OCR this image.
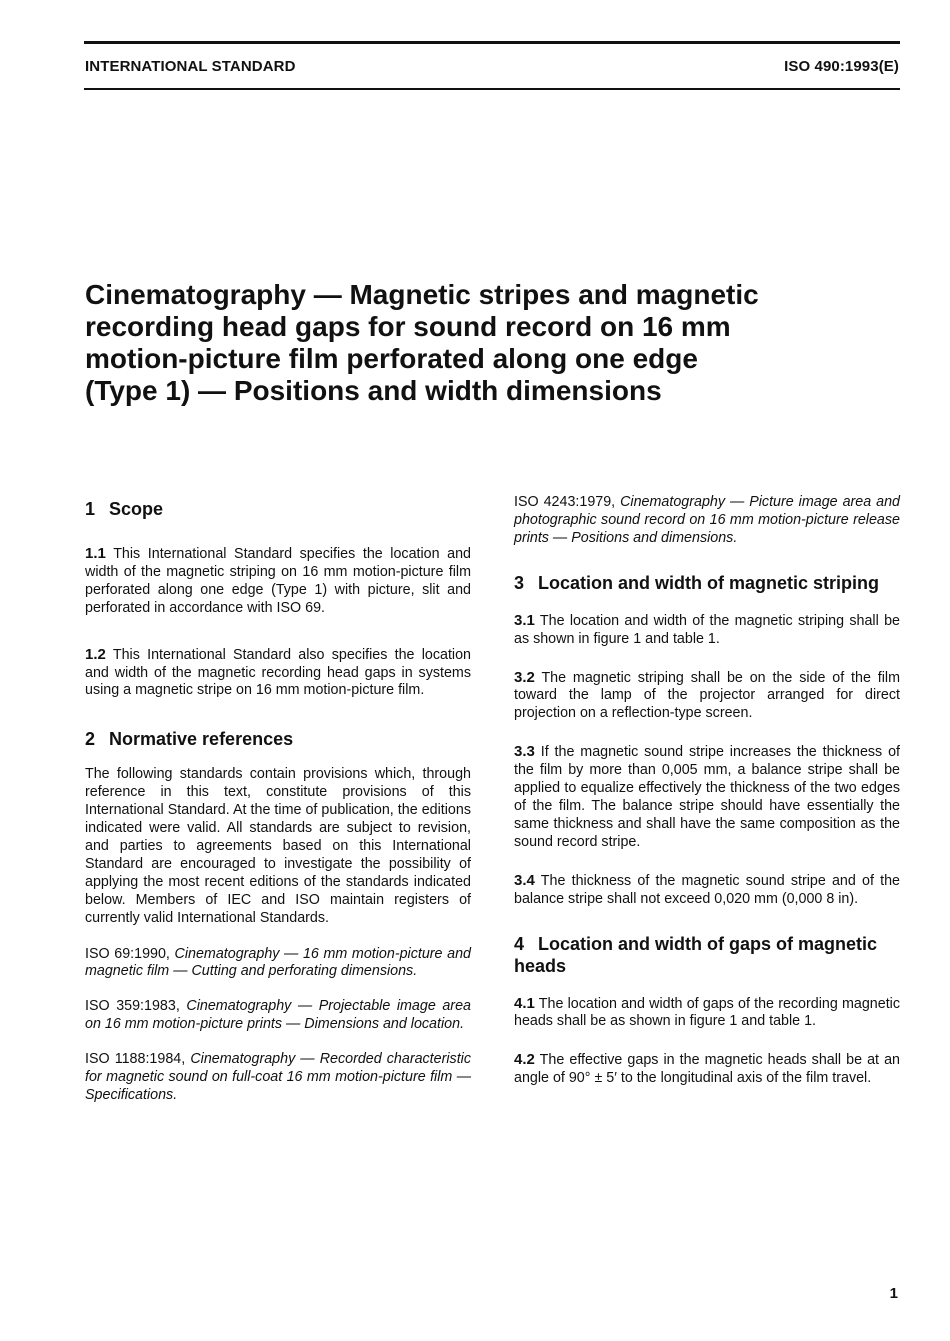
INTERNATIONAL STANDARD	ISO 490:1993(E)
Cinematography — Magnetic stripes and magnetic
recording head gaps for sound record on 16 mm
motion-picture film perforated along one edge
(Type 1) — Positions and width dimensions
1 Scope

1.1 This International Standard specifies the location and width of the magnetic striping on 16 mm motion-picture film perforated along one edge (Type 1) with picture, slit and perforated in accordance with ISO 69.

1.2 This International Standard also specifies the location and width of the magnetic recording head gaps in systems using a magnetic stripe on 16 mm motion-picture film.

2 Normative references

The following standards contain provisions which, through reference in this text, constitute provisions of this International Standard. At the time of publication, the editions indicated were valid. All standards are subject to revision, and parties to agreements based on this International Standard are encouraged to investigate the possibility of applying the most recent editions of the standards indicated below. Members of IEC and ISO maintain registers of currently valid International Standards.

ISO 69:1990, Cinematography — 16 mm motion-picture and magnetic film — Cutting and perforating dimensions.

ISO 359:1983, Cinematography — Projectable image area on 16 mm motion-picture prints — Dimensions and location.

ISO 1188:1984, Cinematography — Recorded characteristic for magnetic sound on full-coat 16 mm motion-picture film — Specifications.

ISO 4243:1979, Cinematography — Picture image area and photographic sound record on 16 mm motion-picture release prints — Positions and dimensions.

3 Location and width of magnetic striping

3.1 The location and width of the magnetic striping shall be as shown in figure 1 and table 1.

3.2 The magnetic striping shall be on the side of the film toward the lamp of the projector arranged for direct projection on a reflection-type screen.

3.3 If the magnetic sound stripe increases the thickness of the film by more than 0,005 mm, a balance stripe shall be applied to equalize effectively the thickness of the two edges of the film. The balance stripe should have essentially the same thickness and shall have the same composition as the sound record stripe.

3.4 The thickness of the magnetic sound stripe and of the balance stripe shall not exceed 0,020 mm (0,000 8 in).

4 Location and width of gaps of magnetic heads

4.1 The location and width of gaps of the recording magnetic heads shall be as shown in figure 1 and table 1.

4.2 The effective gaps in the magnetic heads shall be at an angle of 90° ± 5′ to the longitudinal axis of the film travel.

1
